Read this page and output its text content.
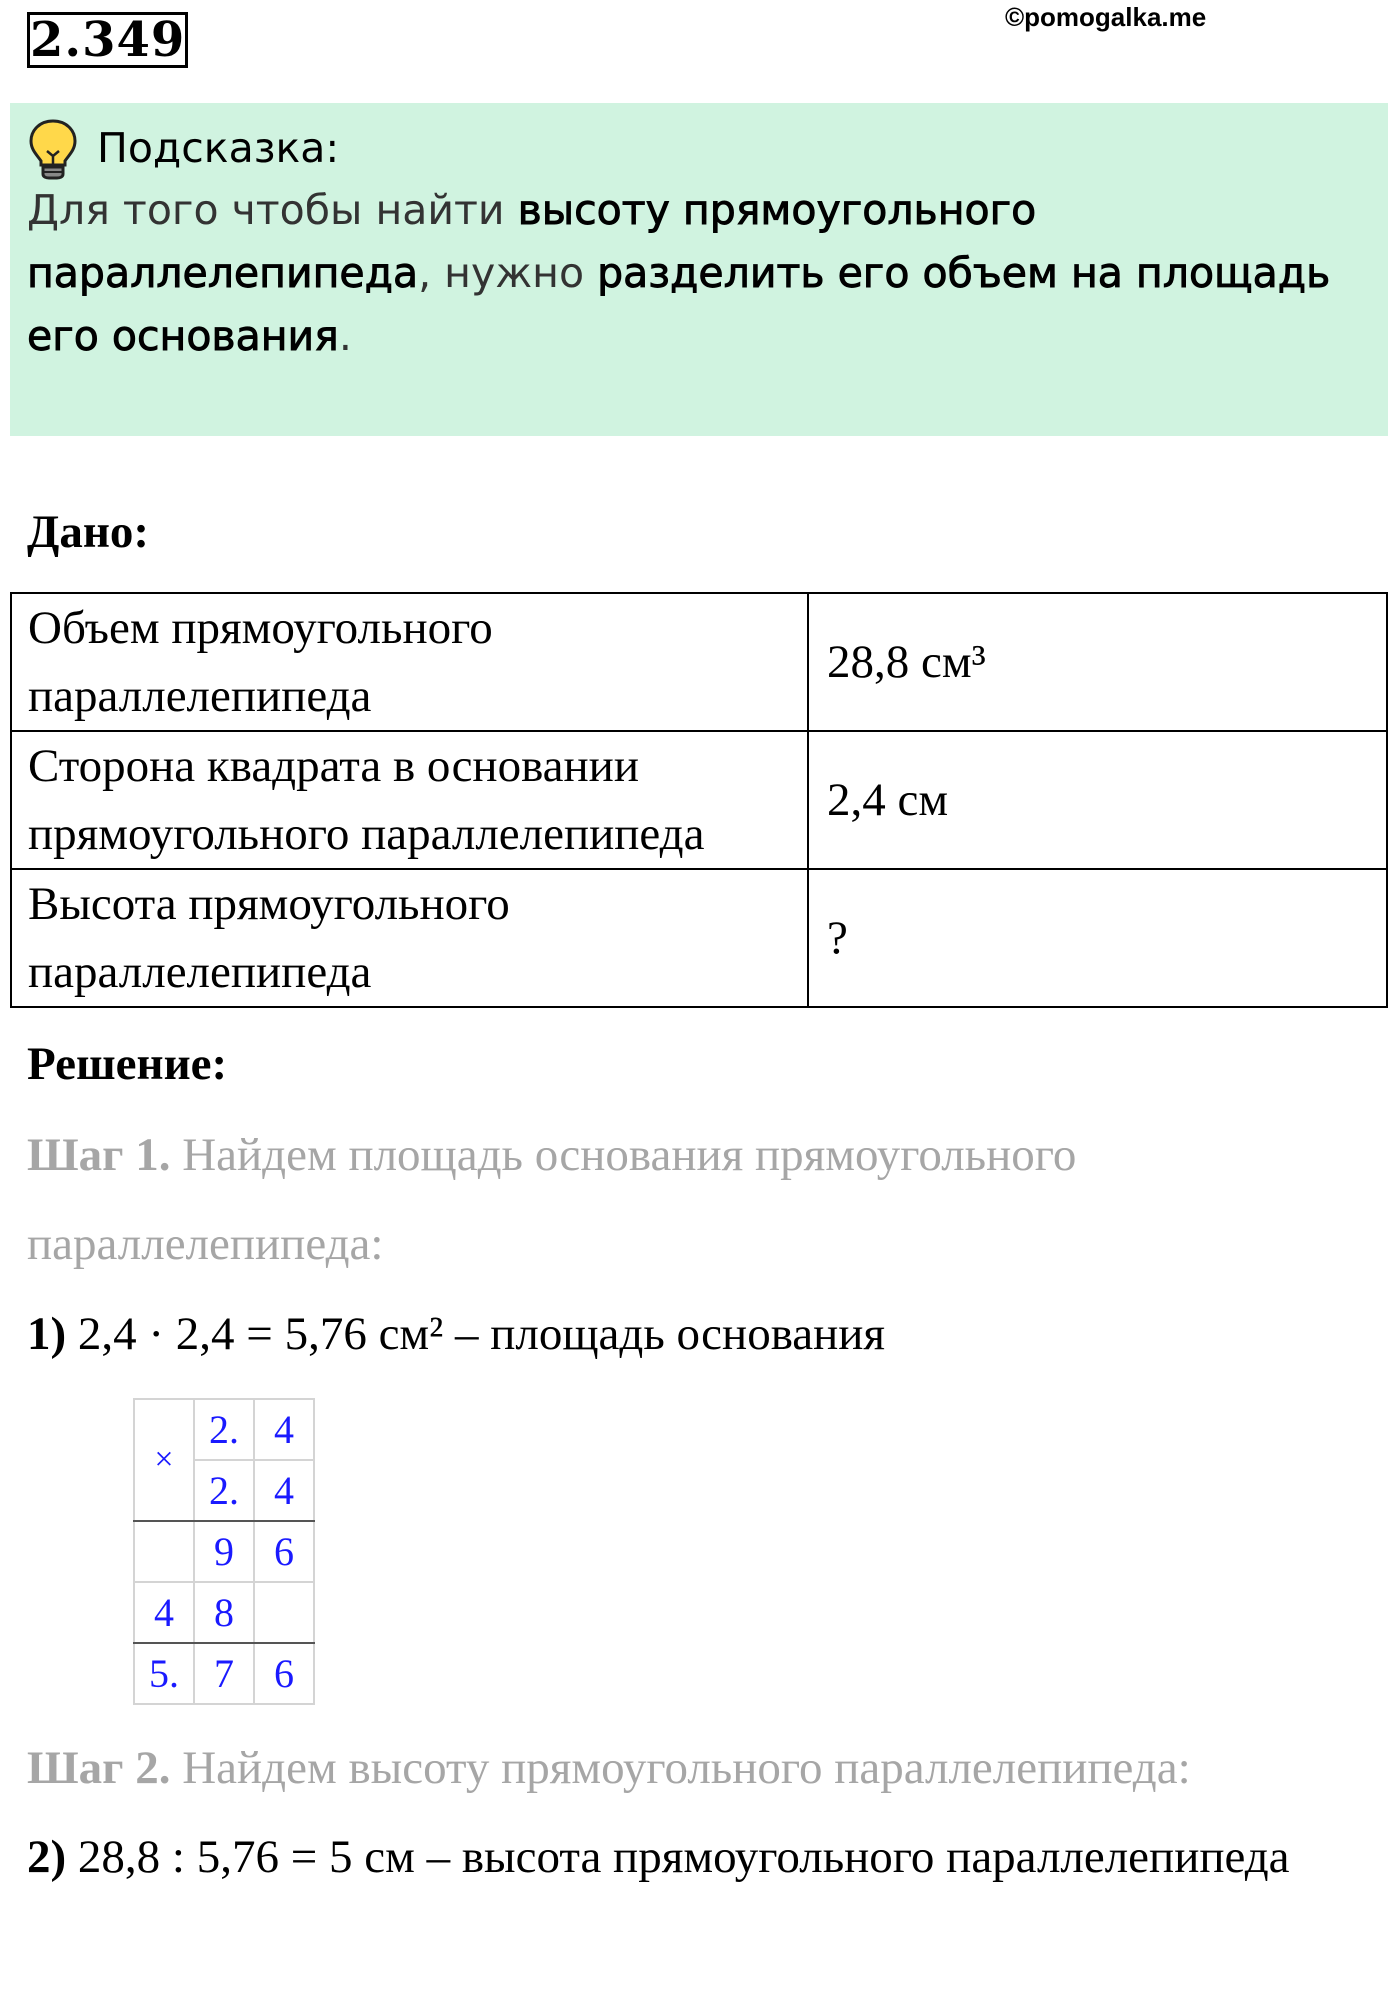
2.349	©pomogalka.me
Подсказка:
Для того чтобы найти высоту прямоугольного параллелепипеда, нужно разделить его объем на площадь его основания.
Дано:
Объем прямоугольного параллелепипеда	28,8 см³
Сторона квадрата в основании прямоугольного параллелепипеда	2,4 см
Высота прямоугольного параллелепипеда	?
Решение:
Шаг 1. Найдем площадь основания прямоугольного параллелепипеда:
1) 2,4 · 2,4 = 5,76 см² – площадь основания
×	2.	4
	2.	4
	9	6
4	8	
5.	7	6
Шаг 2. Найдем высоту прямоугольного параллелепипеда:
2) 28,8 : 5,76 = 5 см – высота прямоугольного параллелепипеда
